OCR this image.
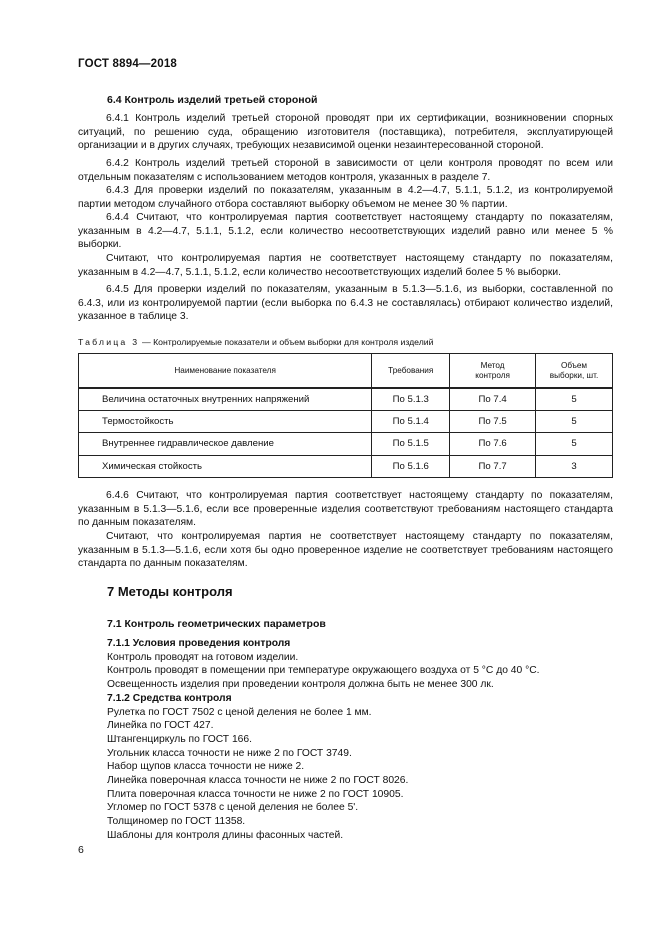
ГОСТ 8894—2018
6.4 Контроль изделий третьей стороной
6.4.1 Контроль изделий третьей стороной проводят при их сертификации, возникновении спорных ситуаций, по решению суда, обращению изготовителя (поставщика), потребителя, эксплуатирующей организации и в других случаях, требующих независимой оценки незаинтересованной стороной.
6.4.2 Контроль изделий третьей стороной в зависимости от цели контроля проводят по всем или отдельным показателям с использованием методов контроля, указанных в разделе 7.
6.4.3 Для проверки изделий по показателям, указанным в 4.2—4.7, 5.1.1, 5.1.2, из контролируемой партии методом случайного отбора составляют выборку объемом не менее 30 % партии.
6.4.4 Считают, что контролируемая партия соответствует настоящему стандарту по показателям, указанным в 4.2—4.7, 5.1.1, 5.1.2, если количество несоответствующих изделий равно или менее 5 % выборки.
Считают, что контролируемая партия не соответствует настоящему стандарту по показателям, указанным в 4.2—4.7, 5.1.1, 5.1.2, если количество несоответствующих изделий более 5 % выборки.
6.4.5 Для проверки изделий по показателям, указанным в 5.1.3—5.1.6, из выборки, составленной по 6.4.3, или из контролируемой партии (если выборка по 6.4.3 не составлялась) отбирают количество изделий, указанное в таблице 3.
Таблица 3 — Контролируемые показатели и объем выборки для контроля изделий
Наименование показателя	Требования	Метод контроля	Объем выборки, шт.
Величина остаточных внутренних напряжений	По 5.1.3	По 7.4	5
Термостойкость	По 5.1.4	По 7.5	5
Внутреннее гидравлическое давление	По 5.1.5	По 7.6	5
Химическая стойкость	По 5.1.6	По 7.7	3
6.4.6 Считают, что контролируемая партия соответствует настоящему стандарту по показателям, указанным в 5.1.3—5.1.6, если все проверенные изделия соответствуют требованиям настоящего стандарта по данным показателям.
Считают, что контролируемая партия не соответствует настоящему стандарту по показателям, указанным в 5.1.3—5.1.6, если хотя бы одно проверенное изделие не соответствует требованиям настоящего стандарта по данным показателям.
7 Методы контроля
7.1 Контроль геометрических параметров
7.1.1 Условия проведения контроля
Контроль проводят на готовом изделии.
Контроль проводят в помещении при температуре окружающего воздуха от 5 °С до 40 °С.
Освещенность изделия при проведении контроля должна быть не менее 300 лк.
7.1.2 Средства контроля
Рулетка по ГОСТ 7502 с ценой деления не более 1 мм.
Линейка по ГОСТ 427.
Штангенциркуль по ГОСТ 166.
Угольник класса точности не ниже 2 по ГОСТ 3749.
Набор щупов класса точности не ниже 2.
Линейка поверочная класса точности не ниже 2 по ГОСТ 8026.
Плита поверочная класса точности не ниже 2 по ГОСТ 10905.
Угломер по ГОСТ 5378 с ценой деления не более 5'.
Толщиномер по ГОСТ 11358.
Шаблоны для контроля длины фасонных частей.
6
